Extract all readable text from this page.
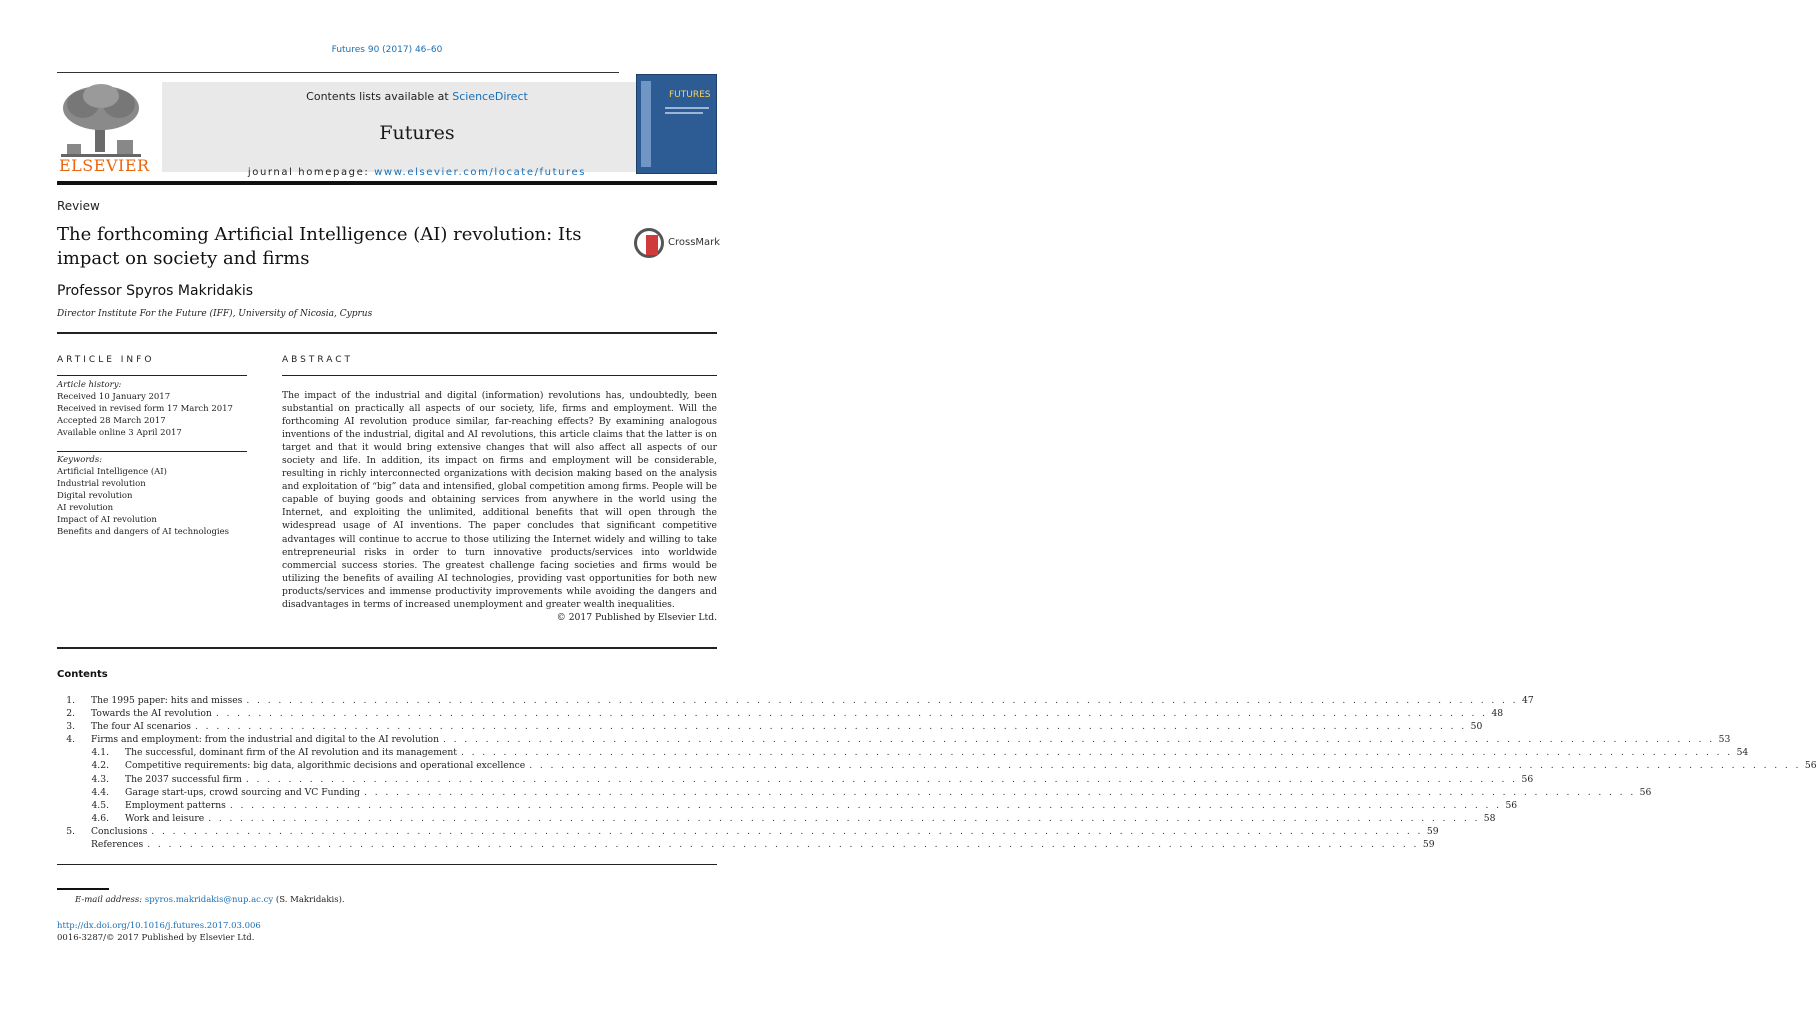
Futures 90 (2017) 46–60
ELSEVIER
Contents lists available at ScienceDirect
Futures
journal homepage: www.elsevier.com/locate/futures
FUTURES
Review
The forthcoming Artificial Intelligence (AI) revolution: Its impact on society and firms
CrossMark
Professor Spyros Makridakis
Director Institute For the Future (IFF), University of Nicosia, Cyprus
ARTICLE INFO	ABSTRACT
Article history:
Received 10 January 2017
Received in revised form 17 March 2017
Accepted 28 March 2017
Available online 3 April 2017
Keywords:
Artificial Intelligence (AI)
Industrial revolution
Digital revolution
AI revolution
Impact of AI revolution
Benefits and dangers of AI technologies
The impact of the industrial and digital (information) revolutions has, undoubtedly, been substantial on practically all aspects of our society, life, firms and employment. Will the forthcoming AI revolution produce similar, far-reaching effects? By examining analogous inventions of the industrial, digital and AI revolutions, this article claims that the latter is on target and that it would bring extensive changes that will also affect all aspects of our society and life. In addition, its impact on firms and employment will be considerable, resulting in richly interconnected organizations with decision making based on the analysis and exploitation of “big” data and intensified, global competition among firms. People will be capable of buying goods and obtaining services from anywhere in the world using the Internet, and exploiting the unlimited, additional benefits that will open through the widespread usage of AI inventions. The paper concludes that significant competitive advantages will continue to accrue to those utilizing the Internet widely and willing to take entrepreneurial risks in order to turn innovative products/services into worldwide commercial success stories. The greatest challenge facing societies and firms would be utilizing the benefits of availing AI technologies, providing vast opportunities for both new products/services and immense productivity improvements while avoiding the dangers and disadvantages in terms of increased unemployment and greater wealth inequalities.
© 2017 Published by Elsevier Ltd.
Contents
1. The 1995 paper: hits and misses . . . . . . . . . . . . . . . . . . . . . . . . . . . . . . . . . . . . . . . . . . . . . . . . . . . . . . . . . . . . . . . . . . . . . . . . . . . . . . . . . . . . . . . . . . . . . . . . . . . . . . . . . . . . . . . . . . . . . . . . 47
2. Towards the AI revolution . . . . . . . . . . . . . . . . . . . . . . . . . . . . . . . . . . . . . . . . . . . . . . . . . . . . . . . . . . . . . . . . . . . . . . . . . . . . . . . . . . . . . . . . . . . . . . . . . . . . . . . . . . . . . . . . . . . . . . . . 48
3. The four AI scenarios . . . . . . . . . . . . . . . . . . . . . . . . . . . . . . . . . . . . . . . . . . . . . . . . . . . . . . . . . . . . . . . . . . . . . . . . . . . . . . . . . . . . . . . . . . . . . . . . . . . . . . . . . . . . . . . . . . . . . . . . 50
4. Firms and employment: from the industrial and digital to the AI revolution . . . . . . . . . . . . . . . . . . . . . . . . . . . . . . . . . . . . . . . . . . . . . . . . . . . . . . . . . . . . . . . . . . . . . . . . . . . . . . . . . . . . . . . . . . . . . . . . . . . . . . . . . . . . . . . . . . . . . . . . 53
4.1. The successful, dominant firm of the AI revolution and its management . . . . . . . . . . . . . . . . . . . . . . . . . . . . . . . . . . . . . . . . . . . . . . . . . . . . . . . . . . . . . . . . . . . . . . . . . . . . . . . . . . . . . . . . . . . . . . . . . . . . . . . . . . . . . . . . . . . . . . . . 54
4.2. Competitive requirements: big data, algorithmic decisions and operational excellence . . . . . . . . . . . . . . . . . . . . . . . . . . . . . . . . . . . . . . . . . . . . . . . . . . . . . . . . . . . . . . . . . . . . . . . . . . . . . . . . . . . . . . . . . . . . . . . . . . . . . . . . . . . . . . . . . . . . . . . . 56
4.3. The 2037 successful firm . . . . . . . . . . . . . . . . . . . . . . . . . . . . . . . . . . . . . . . . . . . . . . . . . . . . . . . . . . . . . . . . . . . . . . . . . . . . . . . . . . . . . . . . . . . . . . . . . . . . . . . . . . . . . . . . . . . . . . . . 56
4.4. Garage start-ups, crowd sourcing and VC Funding . . . . . . . . . . . . . . . . . . . . . . . . . . . . . . . . . . . . . . . . . . . . . . . . . . . . . . . . . . . . . . . . . . . . . . . . . . . . . . . . . . . . . . . . . . . . . . . . . . . . . . . . . . . . . . . . . . . . . . . . 56
4.5. Employment patterns . . . . . . . . . . . . . . . . . . . . . . . . . . . . . . . . . . . . . . . . . . . . . . . . . . . . . . . . . . . . . . . . . . . . . . . . . . . . . . . . . . . . . . . . . . . . . . . . . . . . . . . . . . . . . . . . . . . . . . . . 56
4.6. Work and leisure . . . . . . . . . . . . . . . . . . . . . . . . . . . . . . . . . . . . . . . . . . . . . . . . . . . . . . . . . . . . . . . . . . . . . . . . . . . . . . . . . . . . . . . . . . . . . . . . . . . . . . . . . . . . . . . . . . . . . . . . 58
5. Conclusions . . . . . . . . . . . . . . . . . . . . . . . . . . . . . . . . . . . . . . . . . . . . . . . . . . . . . . . . . . . . . . . . . . . . . . . . . . . . . . . . . . . . . . . . . . . . . . . . . . . . . . . . . . . . . . . . . . . . . . . . 59
References . . . . . . . . . . . . . . . . . . . . . . . . . . . . . . . . . . . . . . . . . . . . . . . . . . . . . . . . . . . . . . . . . . . . . . . . . . . . . . . . . . . . . . . . . . . . . . . . . . . . . . . . . . . . . . . . . . . . . . . . 59
E-mail address: spyros.makridakis@nup.ac.cy (S. Makridakis).
http://dx.doi.org/10.1016/j.futures.2017.03.006
0016-3287/© 2017 Published by Elsevier Ltd.
